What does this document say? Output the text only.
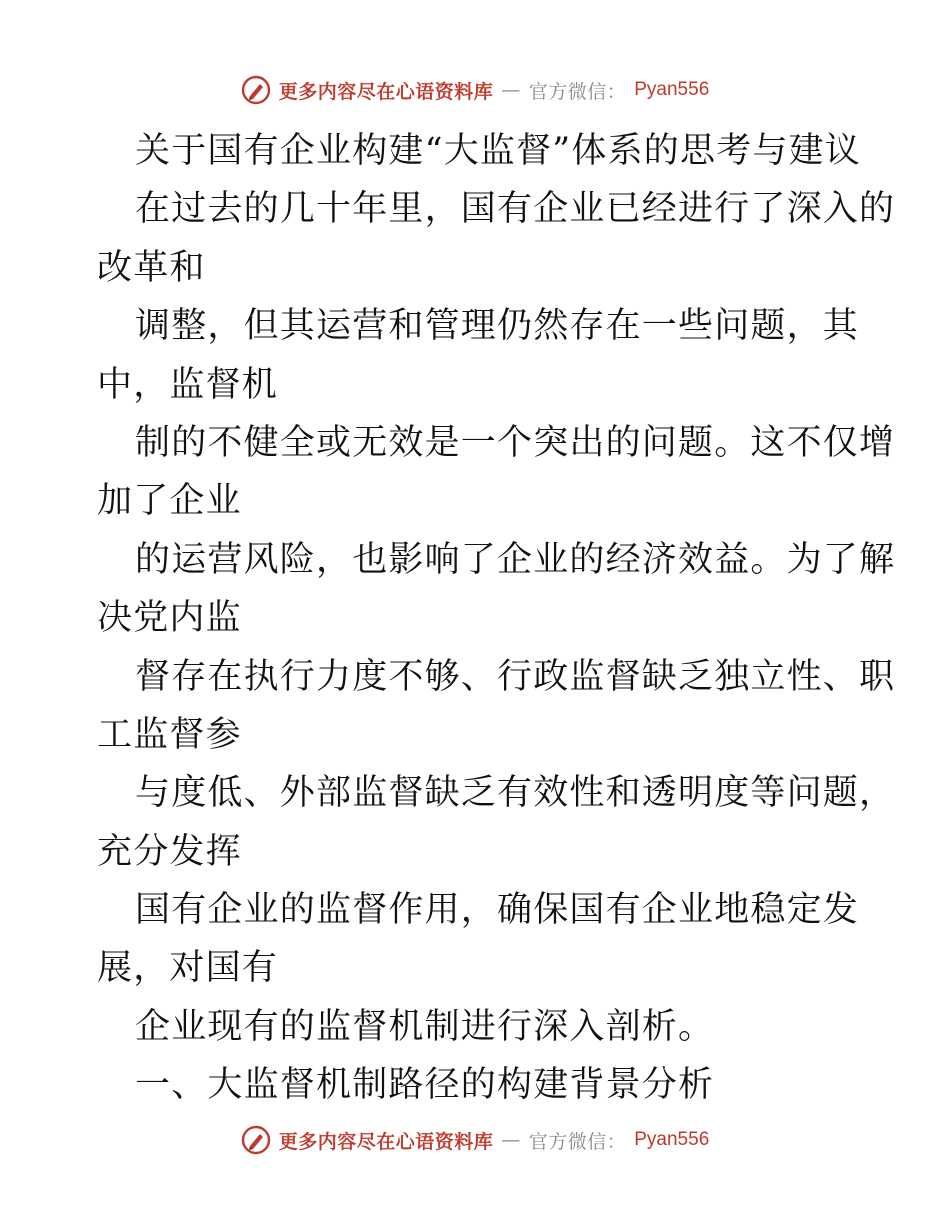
更多内容尽在心语资料库 — 官方微信： Pyan556
关于国有企业构建“大监督”体系的思考与建议
在过去的几十年里，国有企业已经进行了深入的
改革和
调整，但其运营和管理仍然存在一些问题，其
中，监督机
制的不健全或无效是一个突出的问题。这不仅增
加了企业
的运营风险，也影响了企业的经济效益。为了解
决党内监
督存在执行力度不够、行政监督缺乏独立性、职
工监督参
与度低、外部监督缺乏有效性和透明度等问题，
充分发挥
国有企业的监督作用，确保国有企业地稳定发
展，对国有
企业现有的监督机制进行深入剖析。
一、大监督机制路径的构建背景分析
更多内容尽在心语资料库 — 官方微信： Pyan556
